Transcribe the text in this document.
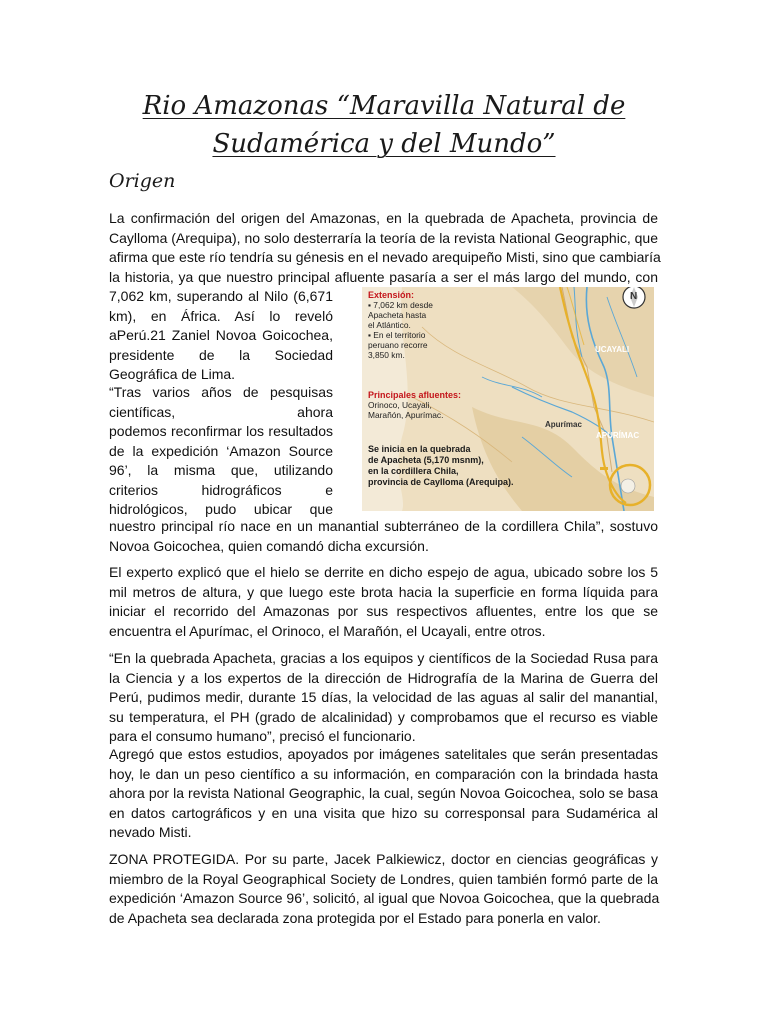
Rio Amazonas “Maravilla Natural de
Sudamérica y del Mundo”
Origen
La confirmación del origen del Amazonas, en la quebrada de Apacheta, provincia de
Caylloma (Arequipa), no solo desterraría la teoría de la revista National Geographic, que
afirma que este río tendría su génesis en el nevado arequipeño Misti, sino que cambiaría
la historia, ya que nuestro principal afluente pasaría a ser el más largo del mundo, con
7,062 km, superando al Nilo (6,671
km), en África. Así lo reveló
aPerú.21 Zaniel Novoa Goicochea,
presidente de la Sociedad
Geográfica de Lima.
“Tras varios años de pesquisas
científicas, ahora
podemos reconfirmar los resultados
de la expedición ‘Amazon Source
96’, la misma que, utilizando
criterios hidrográficos e
hidrológicos, pudo ubicar que
nuestro principal río nace en un manantial subterráneo de la cordillera Chila”, sostuvo
Novoa Goicochea, quien comandó dicha excursión.
El experto explicó que el hielo se derrite en dicho espejo de agua, ubicado sobre los 5
mil metros de altura, y que luego este brota hacia la superficie en forma líquida para
iniciar el recorrido del Amazonas por sus respectivos afluentes, entre los que se
encuentra el Apurímac, el Orinoco, el Marañón, el Ucayali, entre otros.
“En la quebrada Apacheta, gracias a los equipos y científicos de la Sociedad Rusa para
la Ciencia y a los expertos de la dirección de Hidrografía de la Marina de Guerra del
Perú, pudimos medir, durante 15 días, la velocidad de las aguas al salir del manantial,
su temperatura, el PH (grado de alcalinidad) y comprobamos que el recurso es viable
para el consumo humano”, precisó el funcionario.
Agregó que estos estudios, apoyados por imágenes satelitales que serán presentadas
hoy, le dan un peso científico a su información, en comparación con la brindada hasta
ahora por la revista National Geographic, la cual, según Novoa Goicochea, solo se basa
en datos cartográficos y en una visita que hizo su corresponsal para Sudamérica al
nevado Misti.
ZONA PROTEGIDA. Por su parte, Jacek Palkiewicz, doctor en ciencias geográficas y
miembro de la Royal Geographical Society de Londres, quien también formó parte de la
expedición ‘Amazon Source 96’, solicitó, al igual que Novoa Goicochea, que la quebrada
de Apacheta sea declarada zona protegida por el Estado para ponerla en valor.
Extensión:
▪ 7,062 km desde
Apacheta hasta
el Atlántico.
▪ En el territorio
peruano recorre
3,850 km.
Principales afluentes:
Orinoco, Ucayali,
Marañón, Apurímac.
Se inicia en la quebrada
de Apacheta (5,170 msnm),
en la cordillera Chila,
provincia de Caylloma (Arequipa).
UCAYALI
Apurímac
APURÍMAC
N
